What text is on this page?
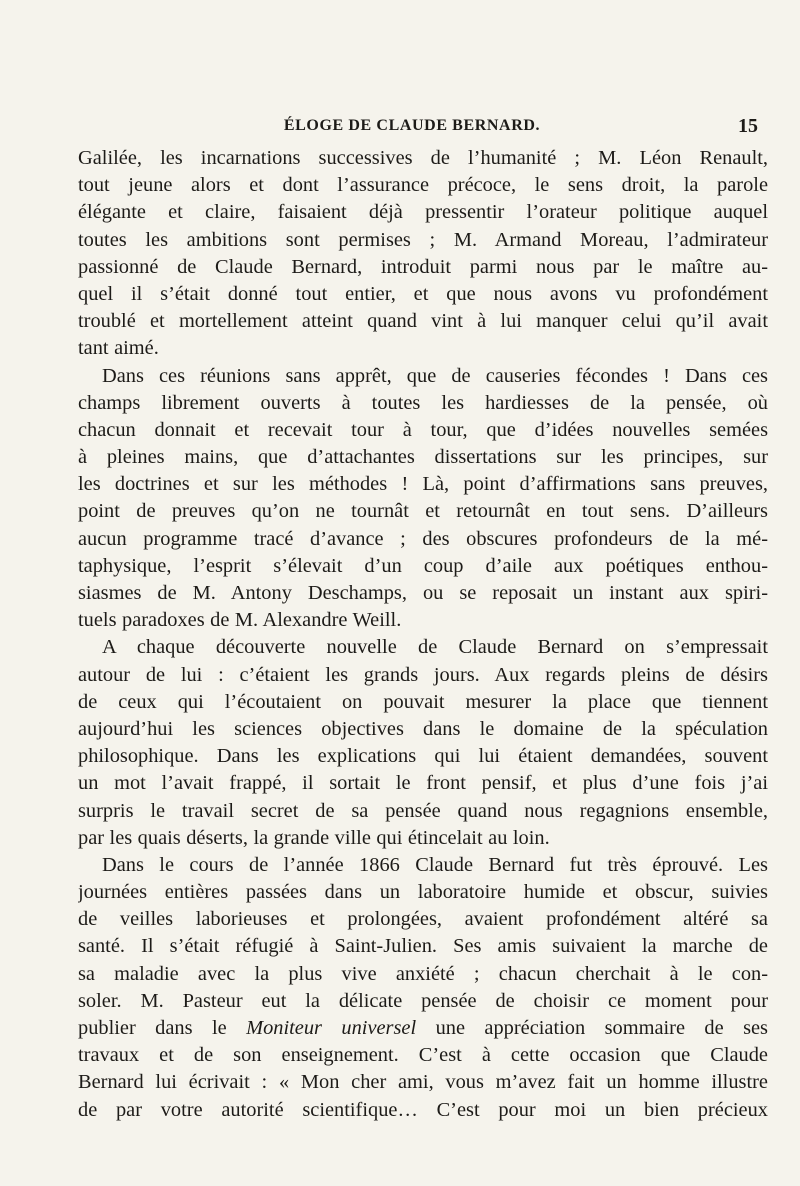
ÉLOGE DE CLAUDE BERNARD.	15
Galilée, les incarnations successives de l’humanité ; M. Léon Renault,
tout jeune alors et dont l’assurance précoce, le sens droit, la parole
élégante et claire, faisaient déjà pressentir l’orateur politique auquel
toutes les ambitions sont permises ; M. Armand Moreau, l’admirateur
passionné de Claude Bernard, introduit parmi nous par le maître au-
quel il s’était donné tout entier, et que nous avons vu profondément
troublé et mortellement atteint quand vint à lui manquer celui qu’il avait
tant aimé.
Dans ces réunions sans apprêt, que de causeries fécondes ! Dans ces
champs librement ouverts à toutes les hardiesses de la pensée, où
chacun donnait et recevait tour à tour, que d’idées nouvelles semées
à pleines mains, que d’attachantes dissertations sur les principes, sur
les doctrines et sur les méthodes ! Là, point d’affirmations sans preuves,
point de preuves qu’on ne tournât et retournât en tout sens. D’ailleurs
aucun programme tracé d’avance ; des obscures profondeurs de la mé-
taphysique, l’esprit s’élevait d’un coup d’aile aux poétiques enthou-
siasmes de M. Antony Deschamps, ou se reposait un instant aux spiri-
tuels paradoxes de M. Alexandre Weill.
A chaque découverte nouvelle de Claude Bernard on s’empressait
autour de lui : c’étaient les grands jours. Aux regards pleins de désirs
de ceux qui l’écoutaient on pouvait mesurer la place que tiennent
aujourd’hui les sciences objectives dans le domaine de la spéculation
philosophique. Dans les explications qui lui étaient demandées, souvent
un mot l’avait frappé, il sortait le front pensif, et plus d’une fois j’ai
surpris le travail secret de sa pensée quand nous regagnions ensemble,
par les quais déserts, la grande ville qui étincelait au loin.
Dans le cours de l’année 1866 Claude Bernard fut très éprouvé. Les
journées entières passées dans un laboratoire humide et obscur, suivies
de veilles laborieuses et prolongées, avaient profondément altéré sa
santé. Il s’était réfugié à Saint-Julien. Ses amis suivaient la marche de
sa maladie avec la plus vive anxiété ; chacun cherchait à le con-
soler. M. Pasteur eut la délicate pensée de choisir ce moment pour
publier dans le Moniteur universel une appréciation sommaire de ses
travaux et de son enseignement. C’est à cette occasion que Claude
Bernard lui écrivait : « Mon cher ami, vous m’avez fait un homme illustre
de par votre autorité scientifique… C’est pour moi un bien précieux
